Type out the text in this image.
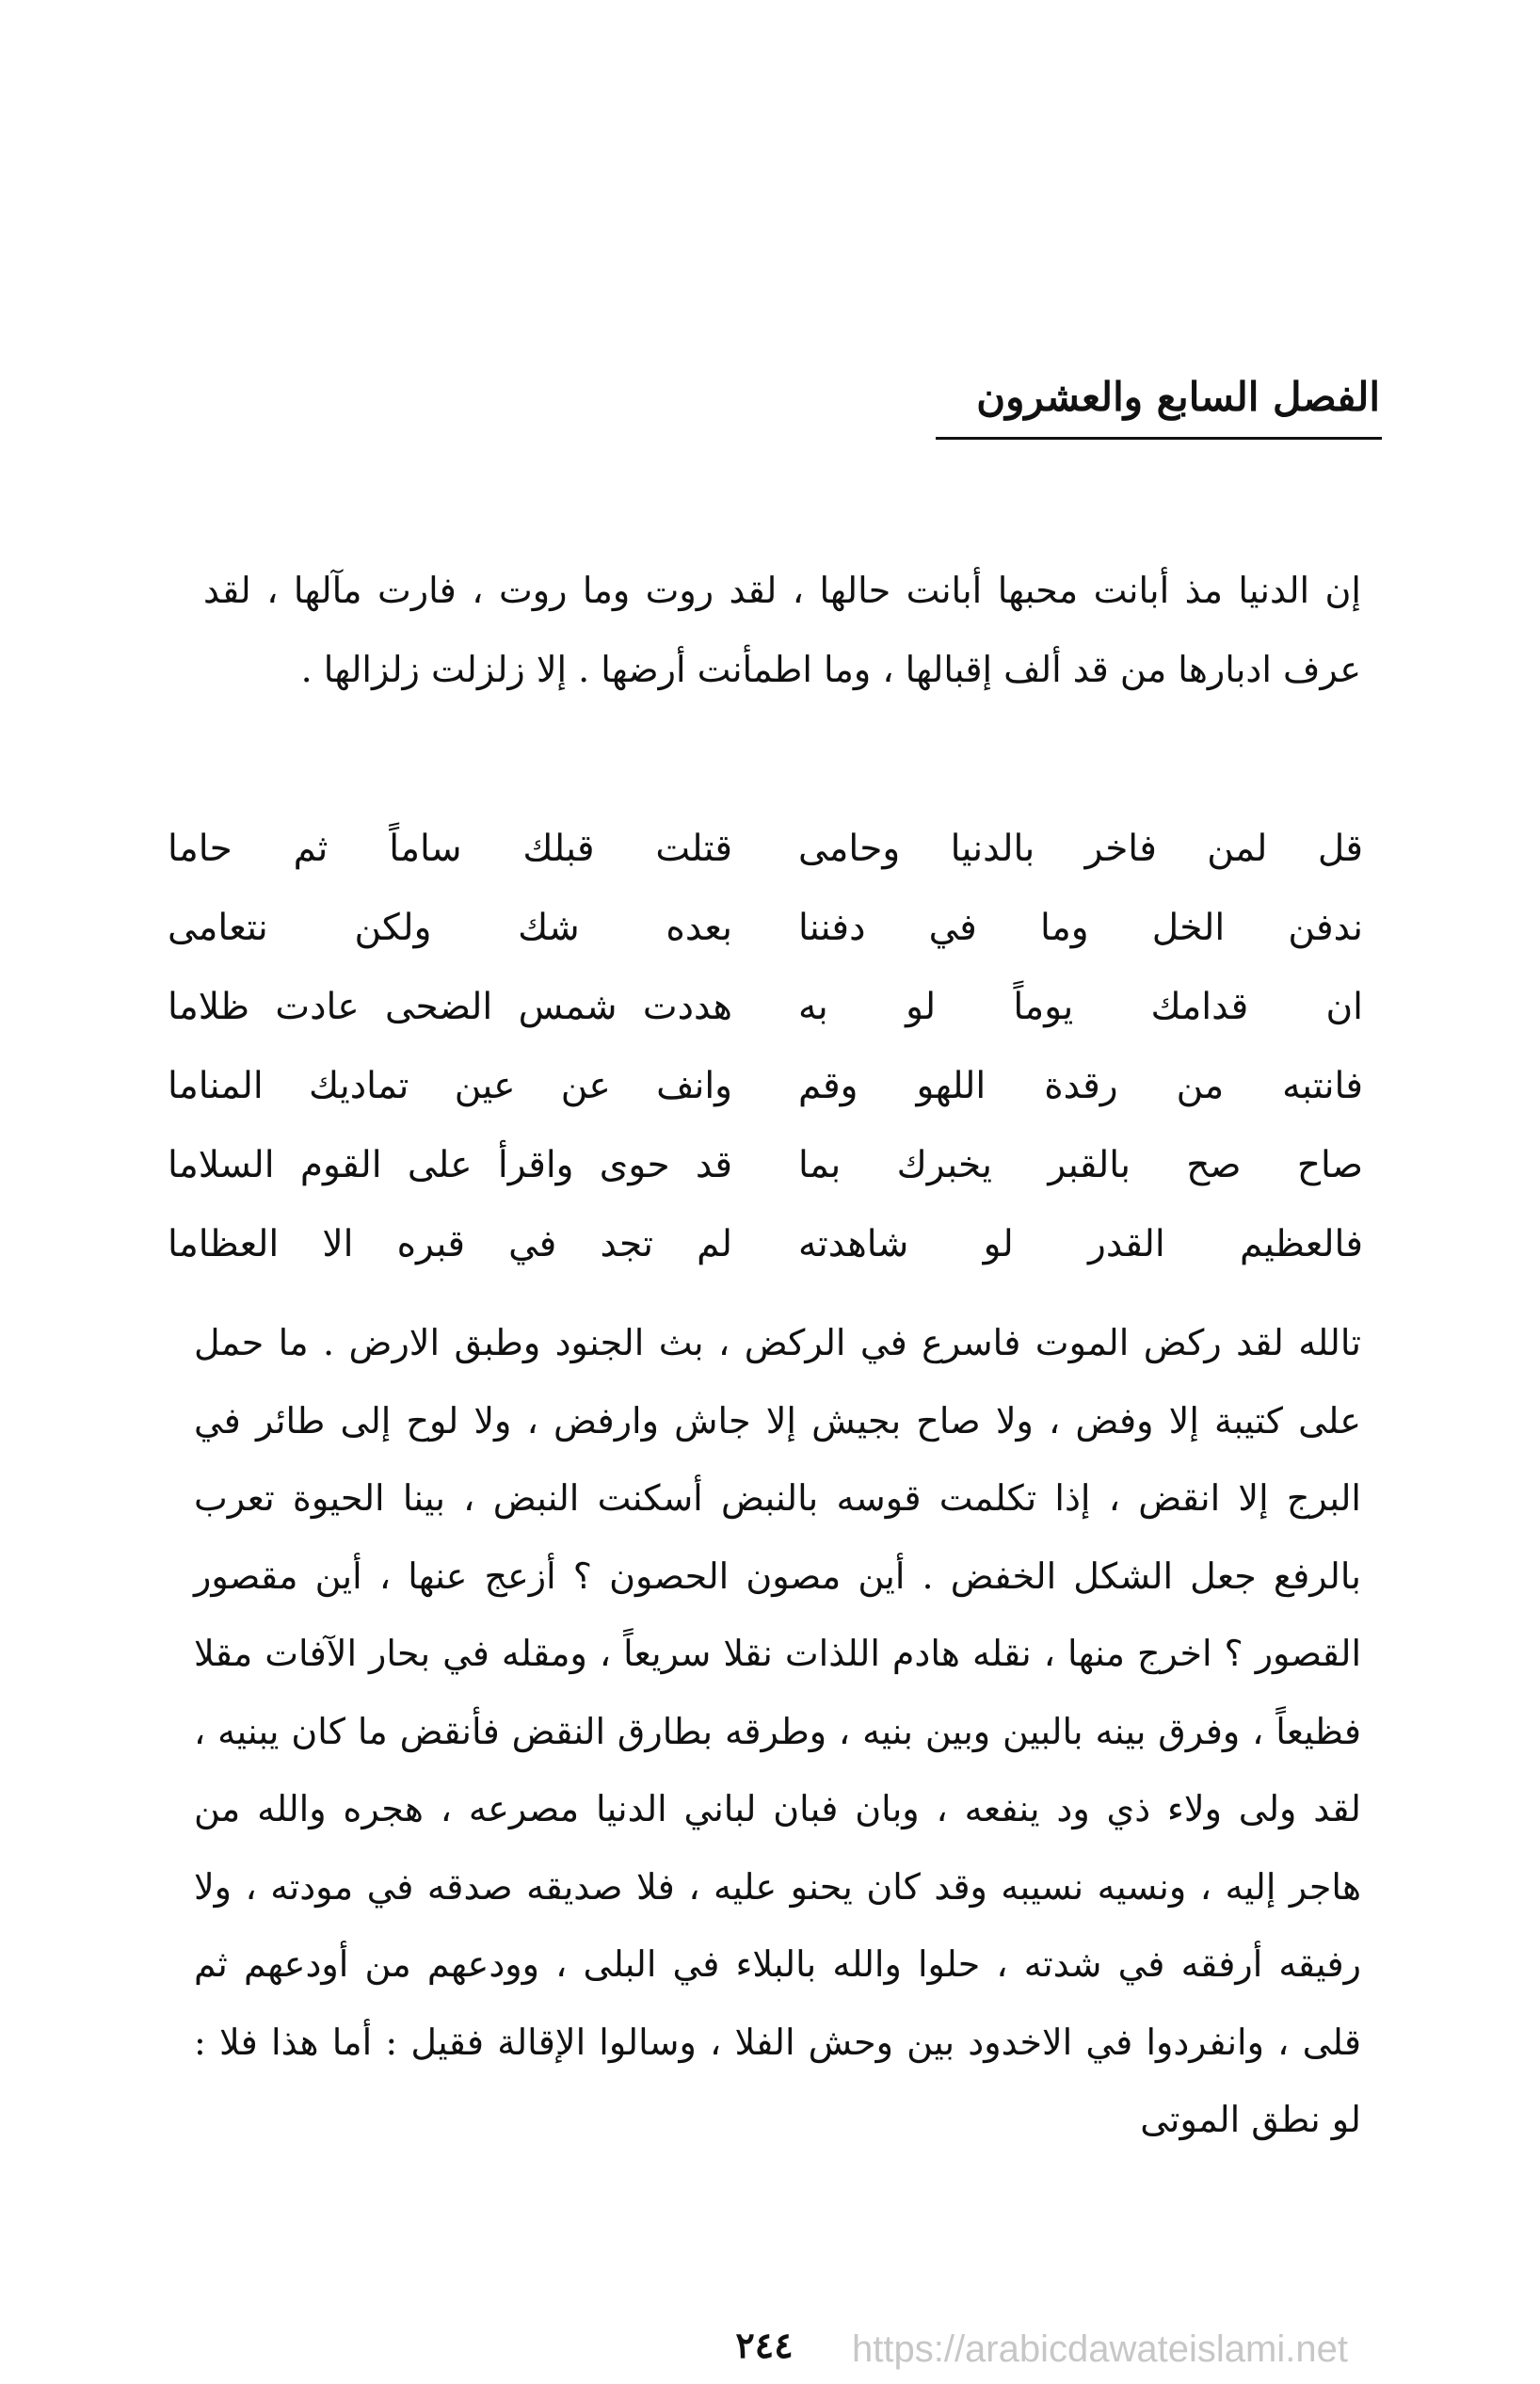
الفصل السابع والعشرون

إن الدنيا مذ أبانت محبها أبانت حالها ، لقد روت وما روت ، فارت مآلها ، لقد عرف ادبارها من قد ألف إقبالها ، وما اطمأنت أرضها . إلا زلزلت زلزالها .

قل لمن فاخر بالدنيا وحامى
قتلت قبلك ساماً ثم حاما
ندفن الخل وما في دفننا
بعده شك ولكن نتعامى
ان قدامك يوماً لو به
هددت شمس الضحى عادت ظلاما
فانتبه من رقدة اللهو وقم
وانف عن عين تماديك المناما
صاح صح بالقبر يخبرك بما
قد حوى واقرأ على القوم السلاما
فالعظيم القدر لو شاهدته
لم تجد في قبره الا العظاما

تالله لقد ركض الموت فاسرع في الركض ، بث الجنود وطبق الارض . ما حمل على كتيبة إلا وفض ، ولا صاح بجيش إلا جاش وارفض ، ولا لوح إلى طائر في البرج إلا انقض ، إذا تكلمت قوسه بالنبض أسكنت النبض ، بينا الحيوة تعرب بالرفع جعل الشكل الخفض . أين مصون الحصون ؟ أزعج عنها ، أين مقصور القصور ؟ اخرج منها ، نقله هادم اللذات نقلا سريعاً ، ومقله في بحار الآفات مقلا فظيعاً ، وفرق بينه بالبين وبين بنيه ، وطرقه بطارق النقض فأنقض ما كان يبنيه ، لقد ولى ولاء ذي ود ينفعه ، وبان فبان لباني الدنيا مصرعه ، هجره والله من هاجر إليه ، ونسيه نسيبه وقد كان يحنو عليه ، فلا صديقه صدقه في مودته ، ولا رفيقه أرفقه في شدته ، حلوا والله بالبلاء في البلى ، وودعهم من أودعهم ثم قلى ، وانفردوا في الاخدود بين وحش الفلا ، وسالوا الإقالة فقيل : أما هذا فلا : لو نطق الموتى

٢٤٤	https://arabicdawateislami.net
